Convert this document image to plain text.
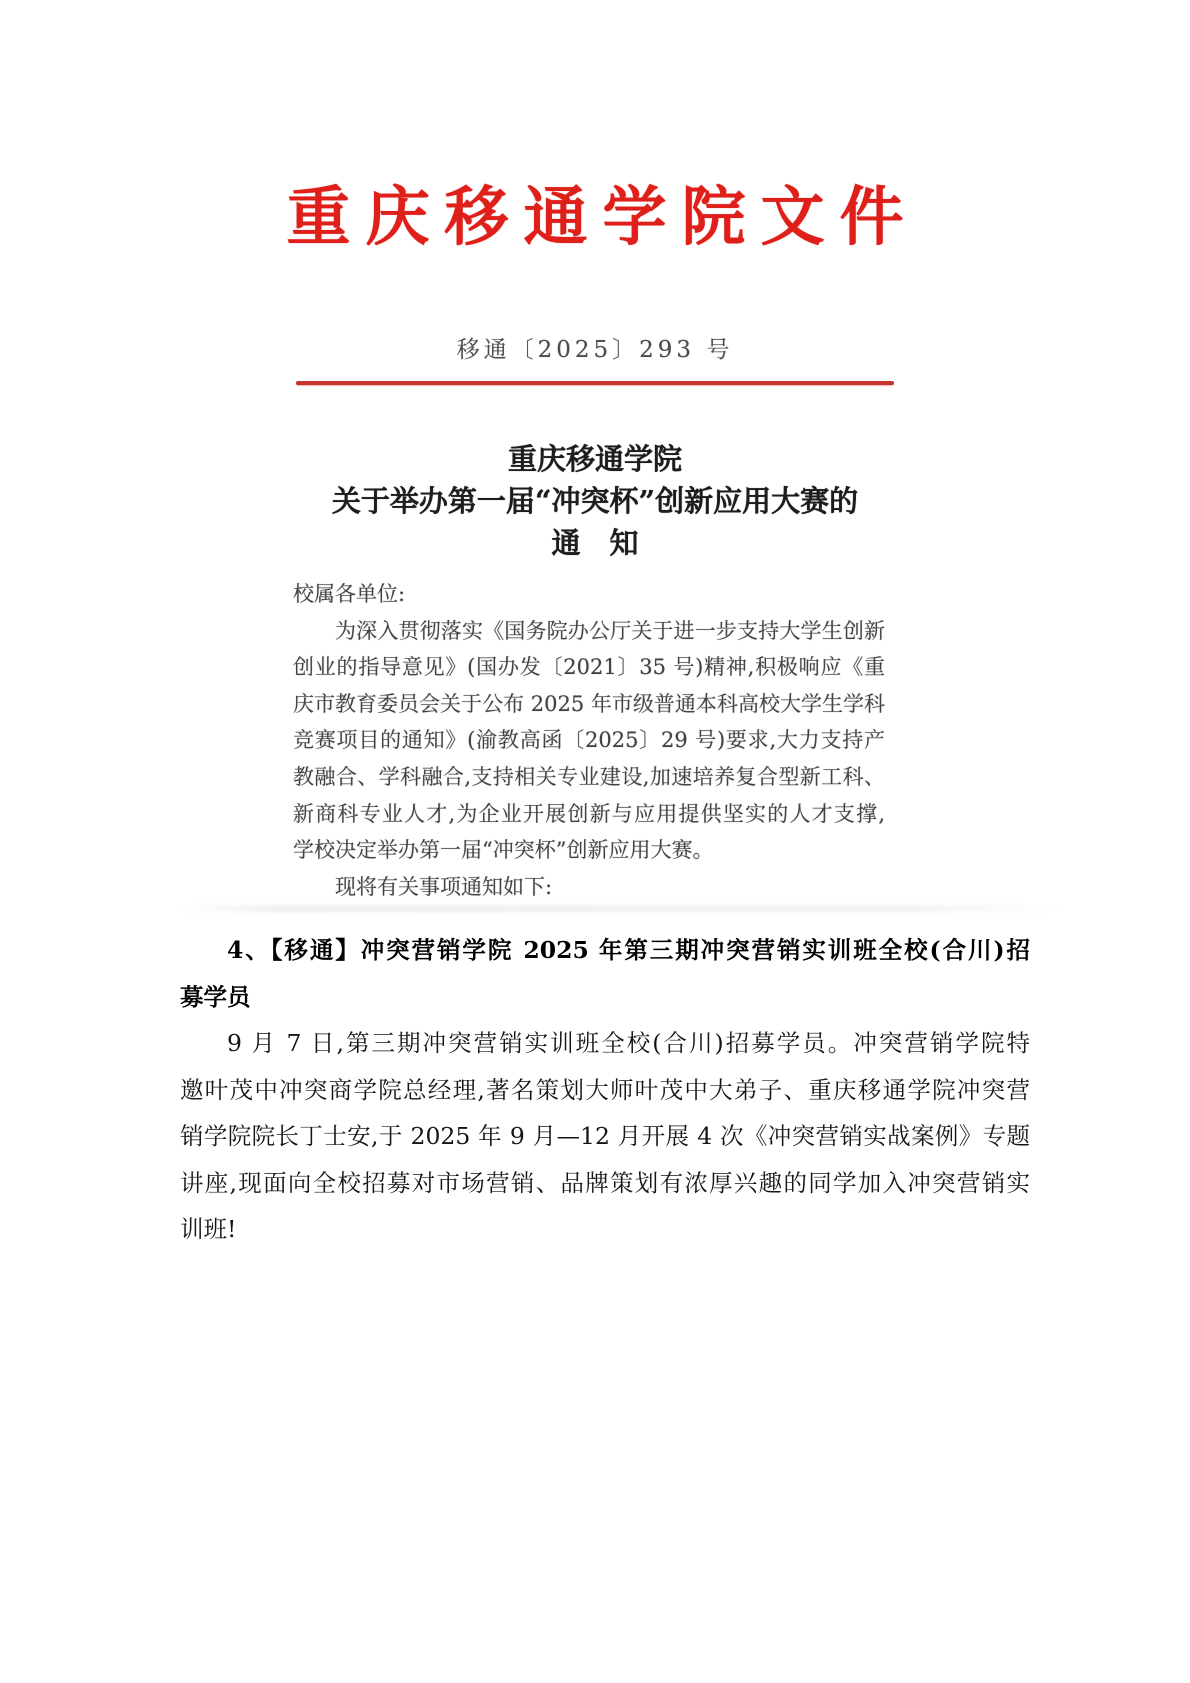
重庆移通学院文件
移通〔2025〕293 号
重庆移通学院
关于举办第一届“冲突杯”创新应用大赛的
通　知
校属各单位:
为深入贯彻落实《国务院办公厅关于进一步支持大学生创新
创业的指导意见》(国办发〔2021〕35 号)精神,积极响应《重
庆市教育委员会关于公布 2025 年市级普通本科高校大学生学科
竞赛项目的通知》(渝教高函〔2025〕29 号)要求,大力支持产
教融合、学科融合,支持相关专业建设,加速培养复合型新工科、
新商科专业人才,为企业开展创新与应用提供坚实的人才支撑,
学校决定举办第一届“冲突杯”创新应用大赛。
现将有关事项通知如下:
4、【移通】冲突营销学院 2025 年第三期冲突营销实训班全校(合川)招
募学员
9 月 7 日,第三期冲突营销实训班全校(合川)招募学员。冲突营销学院特
邀叶茂中冲突商学院总经理,著名策划大师叶茂中大弟子、重庆移通学院冲突营
销学院院长丁士安,于 2025 年 9 月—12 月开展 4 次《冲突营销实战案例》专题
讲座,现面向全校招募对市场营销、品牌策划有浓厚兴趣的同学加入冲突营销实
训班!
